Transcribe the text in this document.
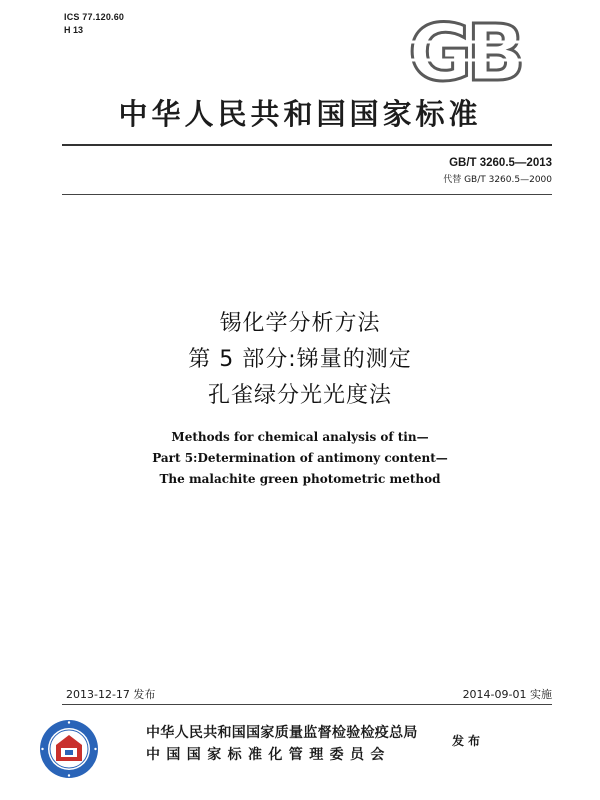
ICS 77.120.60
H 13	GB
中华人民共和国国家标准
GB/T 3260.5—2013
代替 GB/T 3260.5—2000
锡化学分析方法
第 5 部分:锑量的测定
孔雀绿分光光度法
Methods for chemical analysis of tin—
Part 5:Determination of antimony content—
The malachite green photometric method
2013-12-17 发布	2014-09-01 实施
中华人民共和国国家质量监督检验检疫总局
中国国家标准化管理委员会
发布
